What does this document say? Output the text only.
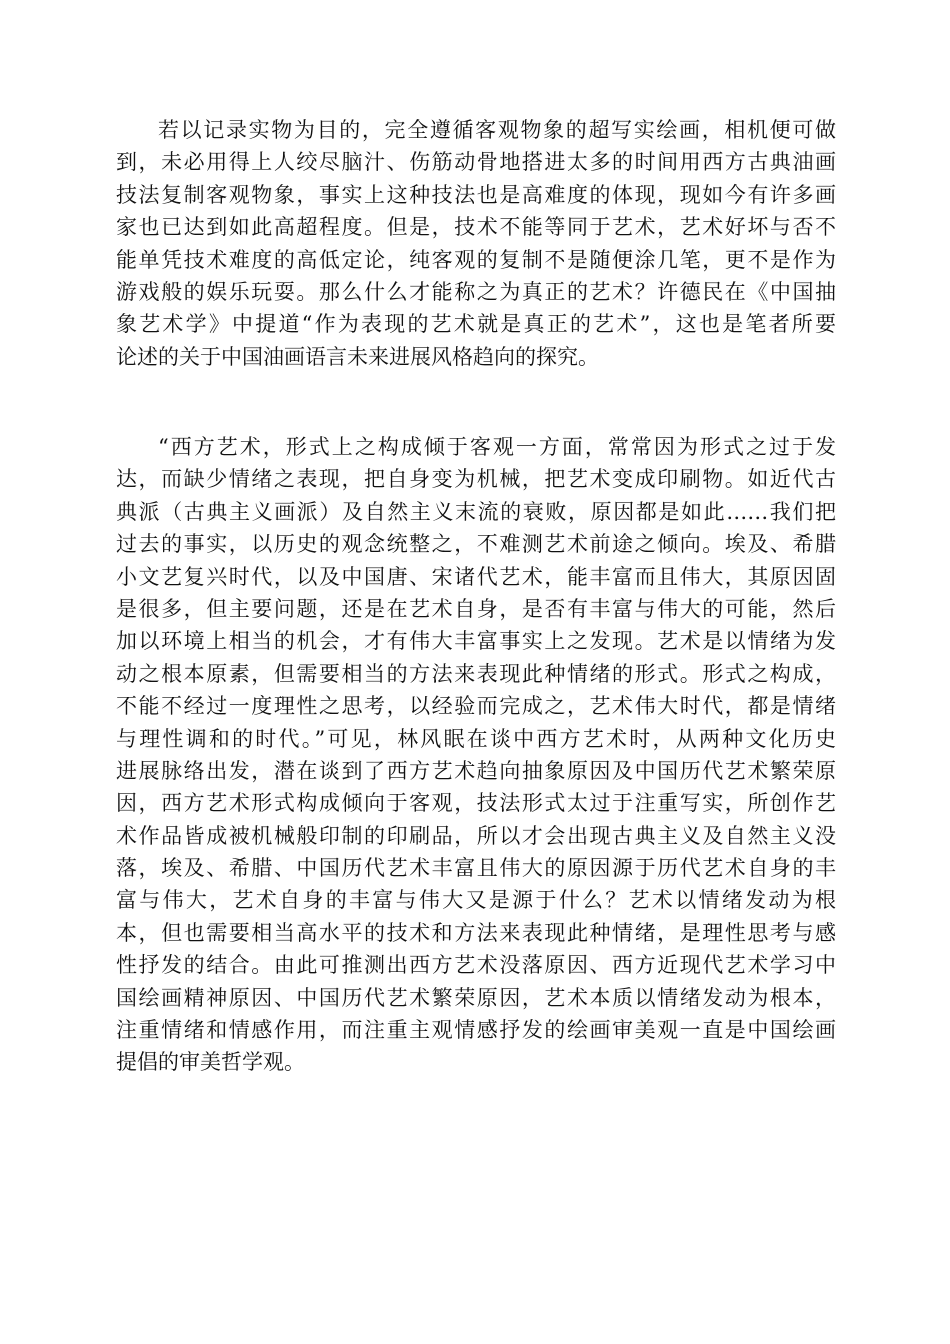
若以记录实物为目的，完全遵循客观物象的超写实绘画，相机便可做
到，未必用得上人绞尽脑汁、伤筋动骨地搭进太多的时间用西方古典油画
技法复制客观物象，事实上这种技法也是高难度的体现，现如今有许多画
家也已达到如此高超程度。但是，技术不能等同于艺术，艺术好坏与否不
能单凭技术难度的高低定论，纯客观的复制不是随便涂几笔，更不是作为
游戏般的娱乐玩耍。那么什么才能称之为真正的艺术？许德民在《中国抽
象艺术学》中提道“作为表现的艺术就是真正的艺术”，这也是笔者所要
论述的关于中国油画语言未来进展风格趋向的探究。
“西方艺术，形式上之构成倾于客观一方面，常常因为形式之过于发
达，而缺少情绪之表现，把自身变为机械，把艺术变成印刷物。如近代古
典派（古典主义画派）及自然主义末流的衰败，原因都是如此……我们把
过去的事实，以历史的观念统整之，不难测艺术前途之倾向。埃及、希腊
小文艺复兴时代，以及中国唐、宋诸代艺术，能丰富而且伟大，其原因固
是很多，但主要问题，还是在艺术自身，是否有丰富与伟大的可能，然后
加以环境上相当的机会，才有伟大丰富事实上之发现。艺术是以情绪为发
动之根本原素，但需要相当的方法来表现此种情绪的形式。形式之构成，
不能不经过一度理性之思考，以经验而完成之，艺术伟大时代，都是情绪
与理性调和的时代。”可见，林风眠在谈中西方艺术时，从两种文化历史
进展脉络出发，潜在谈到了西方艺术趋向抽象原因及中国历代艺术繁荣原
因，西方艺术形式构成倾向于客观，技法形式太过于注重写实，所创作艺
术作品皆成被机械般印制的印刷品，所以才会出现古典主义及自然主义没
落，埃及、希腊、中国历代艺术丰富且伟大的原因源于历代艺术自身的丰
富与伟大，艺术自身的丰富与伟大又是源于什么？艺术以情绪发动为根
本，但也需要相当高水平的技术和方法来表现此种情绪，是理性思考与感
性抒发的结合。由此可推测出西方艺术没落原因、西方近现代艺术学习中
国绘画精神原因、中国历代艺术繁荣原因，艺术本质以情绪发动为根本，
注重情绪和情感作用，而注重主观情感抒发的绘画审美观一直是中国绘画
提倡的审美哲学观。
